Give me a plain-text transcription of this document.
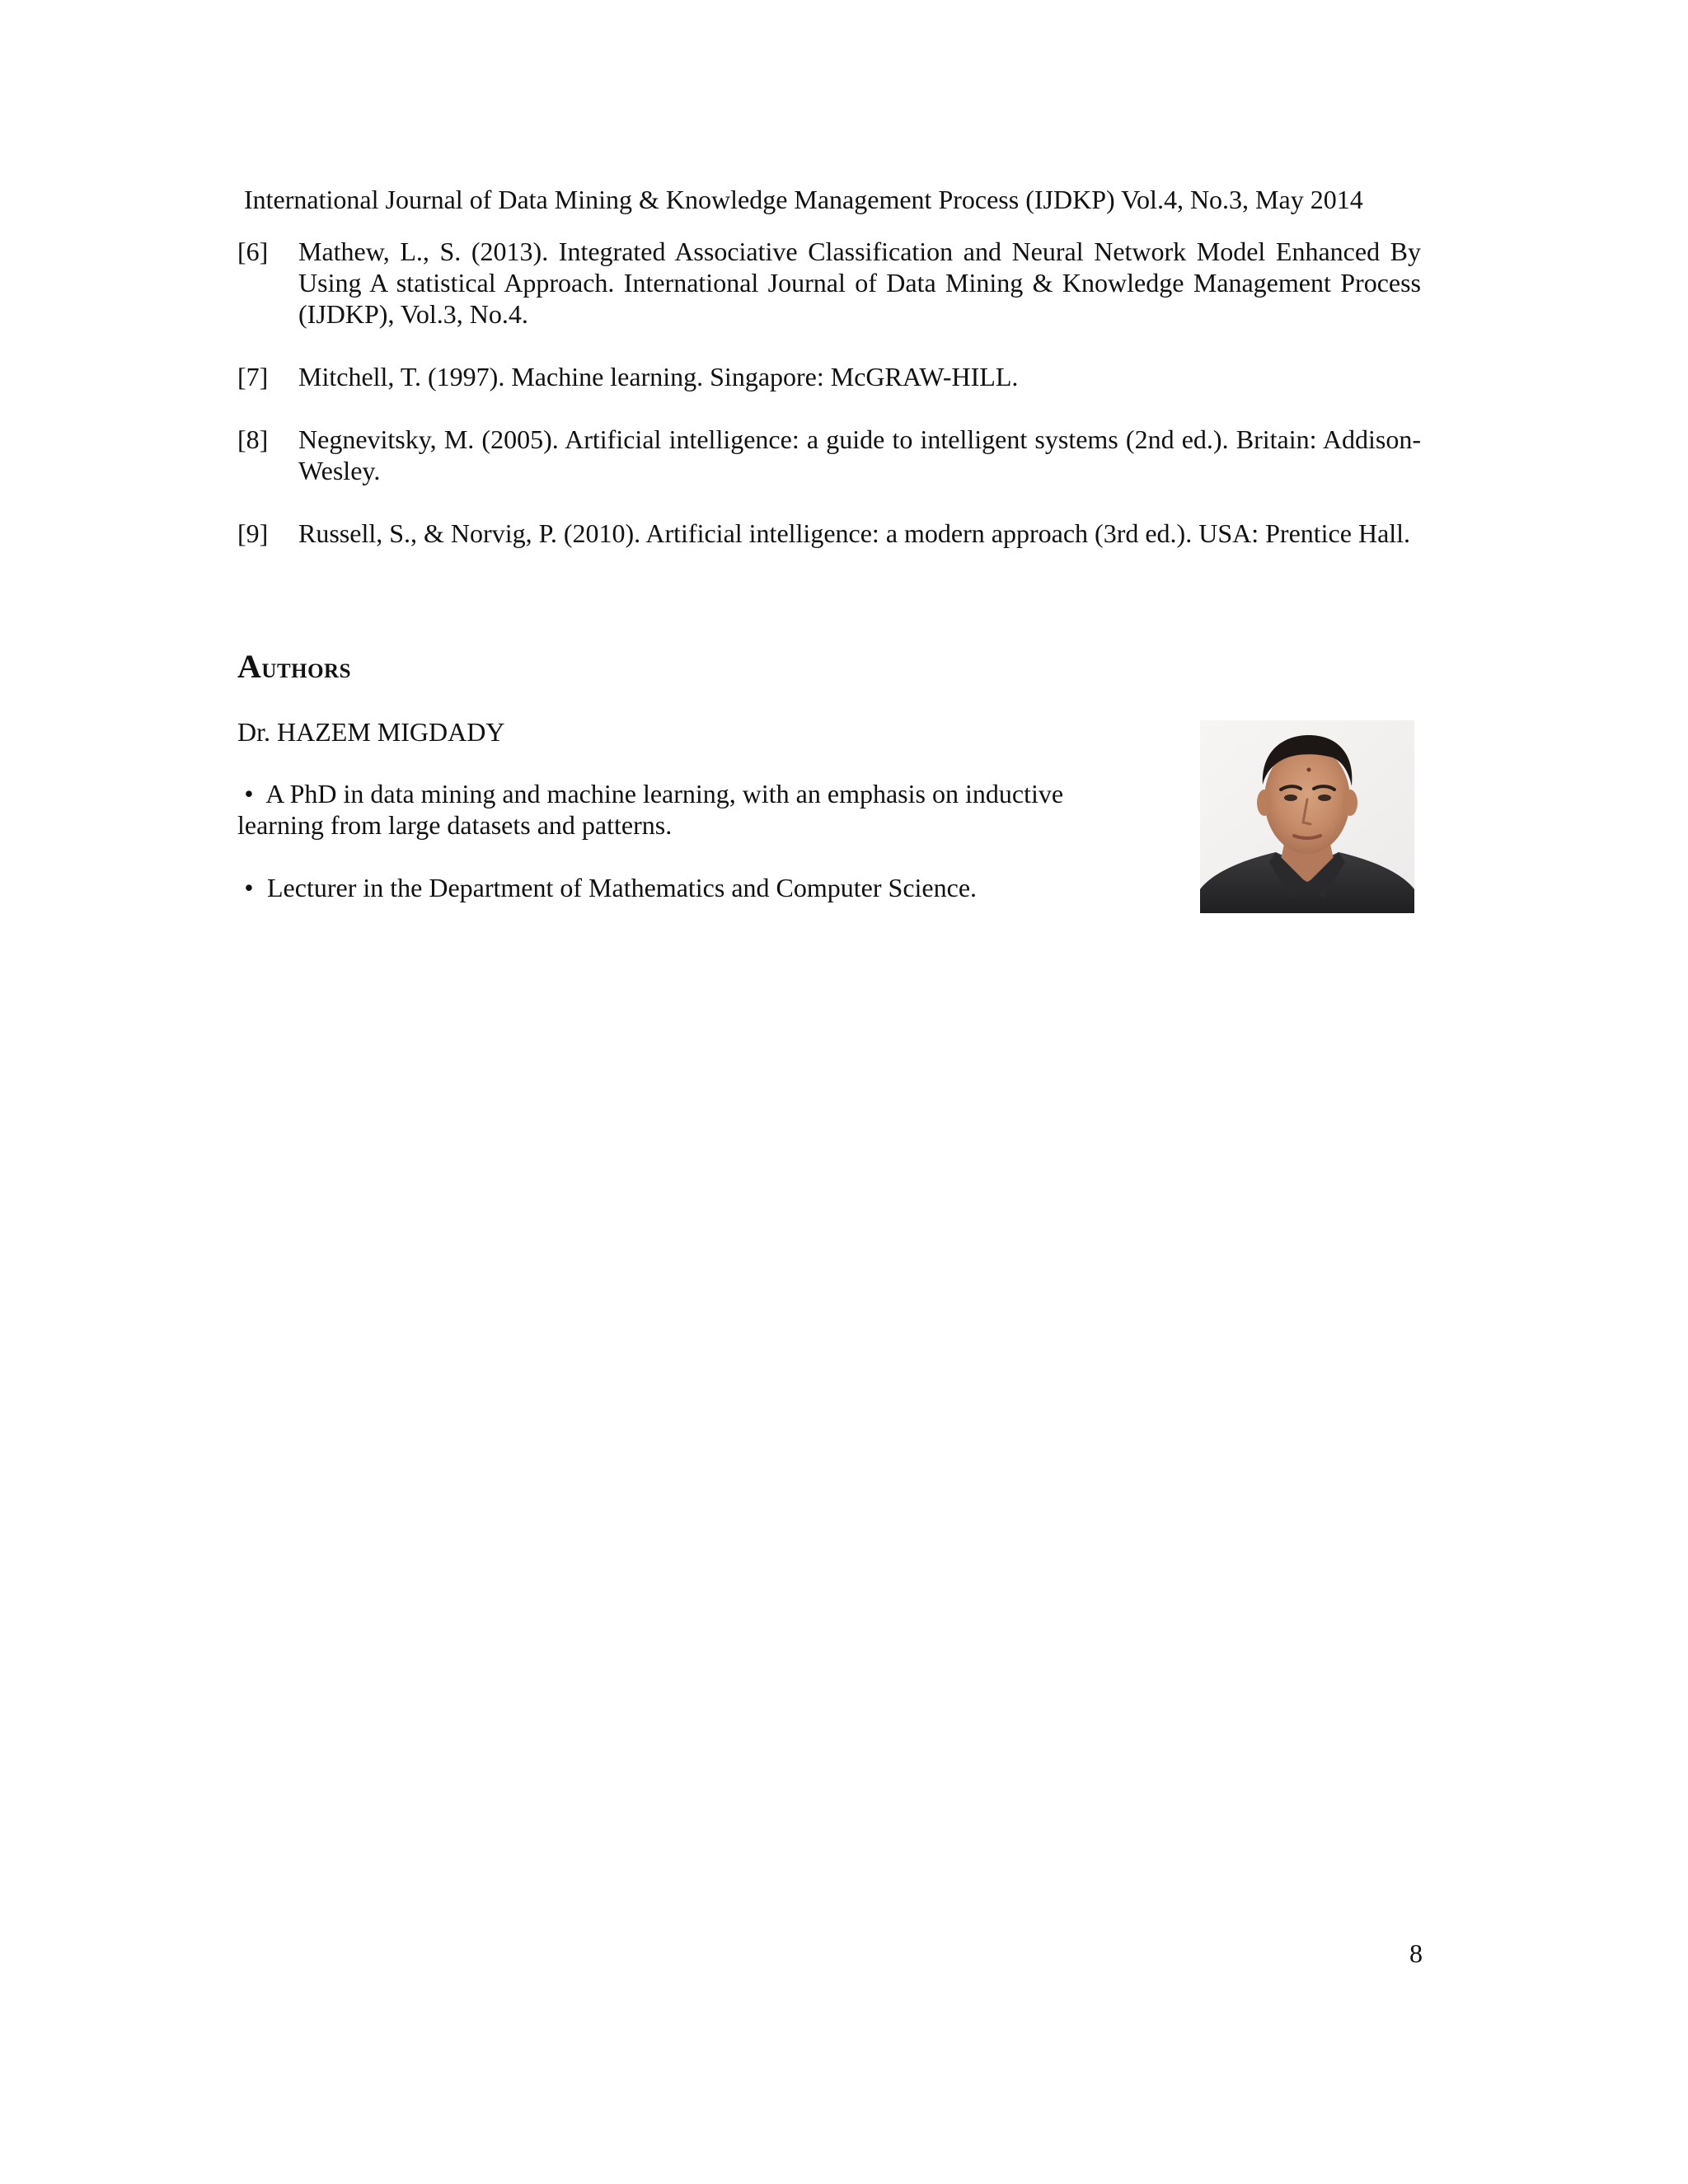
International Journal of Data Mining & Knowledge Management Process (IJDKP) Vol.4, No.3, May 2014
[6]	Mathew, L., S. (2013). Integrated Associative Classification and Neural Network Model Enhanced By Using A statistical Approach. International Journal of Data Mining & Knowledge Management Process (IJDKP), Vol.3, No.4.
[7]	Mitchell, T. (1997). Machine learning. Singapore: McGRAW-HILL.
[8]	Negnevitsky, M. (2005). Artificial intelligence: a guide to intelligent systems (2nd ed.). Britain: Addison-Wesley.
[9]	Russell, S., & Norvig, P. (2010). Artificial intelligence: a modern approach (3rd ed.). USA: Prentice Hall.
Authors
Dr. HAZEM MIGDADY
• A PhD in data mining and machine learning, with an emphasis on inductive learning from large datasets and patterns.
• Lecturer in the Department of Mathematics and Computer Science.
8
